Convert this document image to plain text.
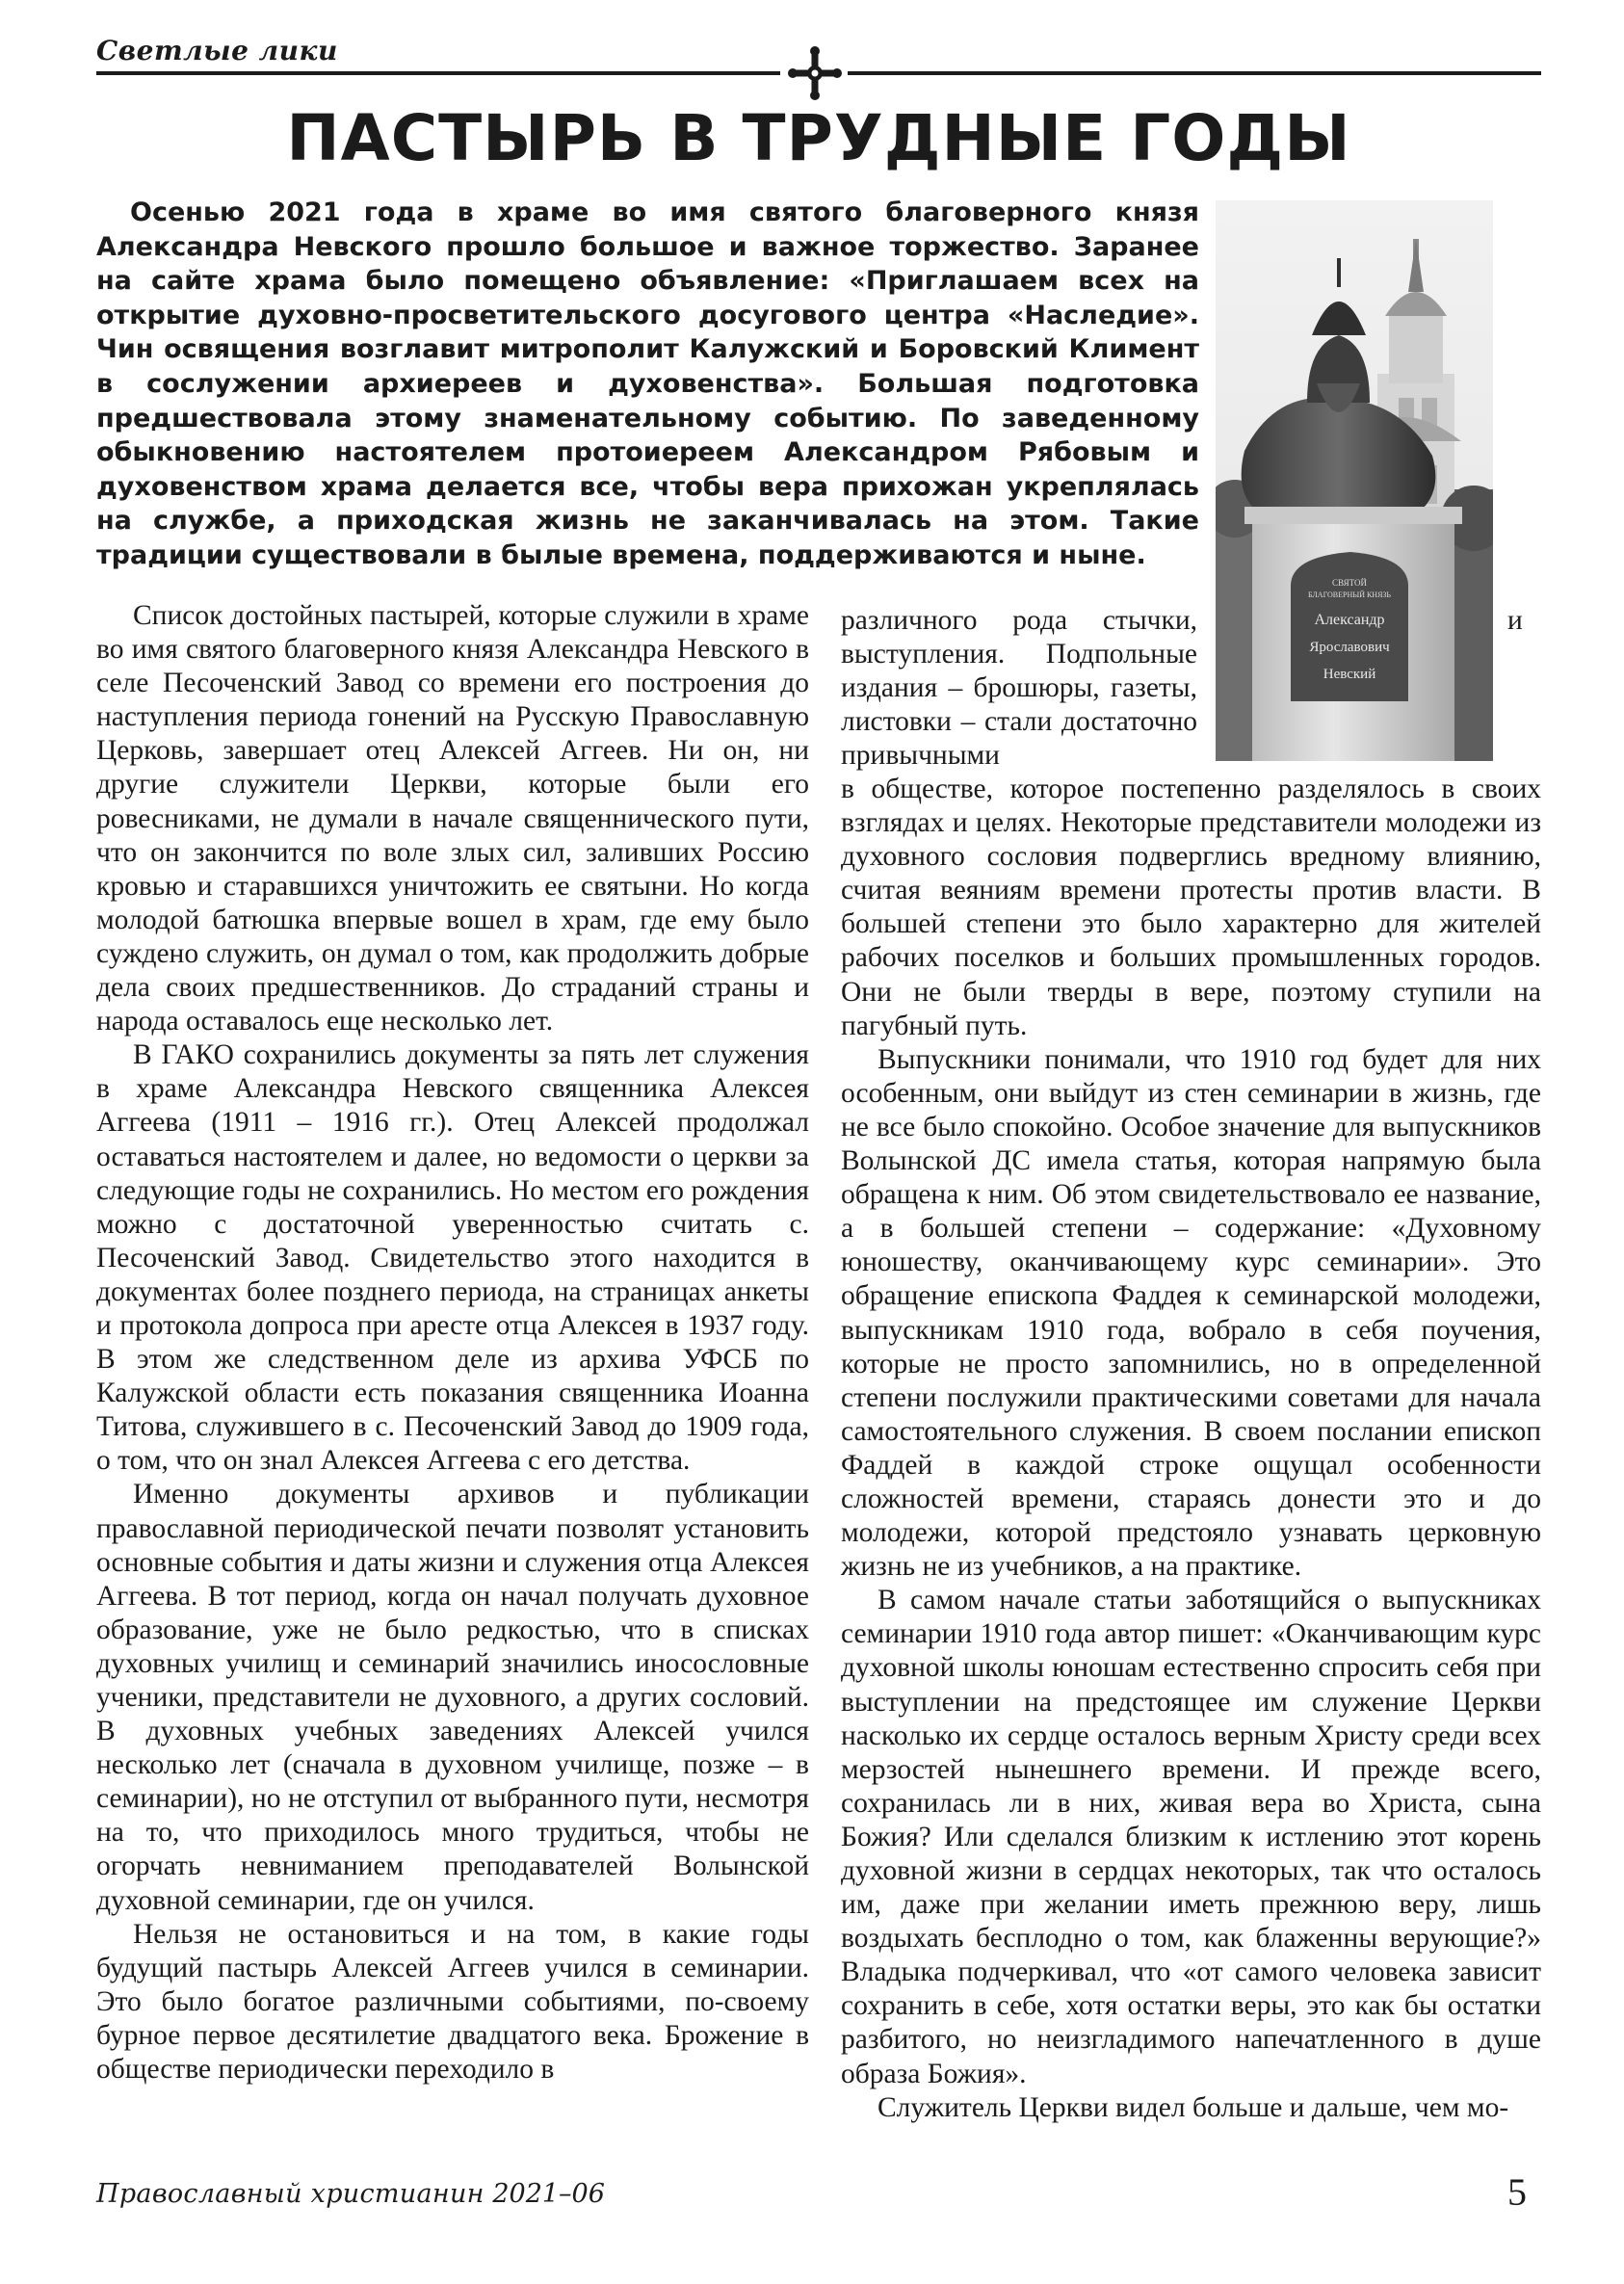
Светлые лики
ПАСТЫРЬ В ТРУДНЫЕ ГОДЫ

Осенью 2021 года в храме во имя святого благоверного князя Александра Невского прошло большое и важное торжество. Заранее на сайте храма было помещено объявление: «Приглашаем всех на открытие духовно-просветительского досугового центра «Наследие». Чин освящения возглавит митрополит Калужский и Боровский Климент в сослужении архиереев и духовенства». Большая подготовка предшествовала этому знаменательному событию. По заведенному обыкновению настоятелем протоиереем Александром Рябовым и духовенством храма делается все, чтобы вера прихожан укреплялась на службе, а приходская жизнь не заканчивалась на этом. Такие традиции существовали в былые времена, поддерживаются и ныне.

СВЯТОЙ
БЛАГОВЕРНЫЙ КНЯЗЬ
Александр
Ярославович
Невский

Список достойных пастырей, которые служили в храме во имя святого благоверного князя Александра Невского в селе Песоченский Завод со времени его построения до наступления периода гонений на Русскую Православную Церковь, завершает отец Алексей Аггеев. Ни он, ни другие служители Церкви, которые были его ровесниками, не думали в начале священнического пути, что он закончится по воле злых сил, заливших Россию кровью и старавшихся уничтожить ее святыни. Но когда молодой батюшка впервые вошел в храм, где ему было суждено служить, он думал о том, как продолжить добрые дела своих предшественников. До страданий страны и народа оставалось еще несколько лет.

В ГАКО сохранились документы за пять лет служения в храме Александра Невского священника Алексея Аггеева (1911 – 1916 гг.). Отец Алексей продолжал оставаться настоятелем и далее, но ведомости о церкви за следующие годы не сохранились. Но местом его рождения можно с достаточной уверенностью считать с. Песоченский Завод. Свидетельство этого находится в документах более позднего периода, на страницах анкеты и протокола допроса при аресте отца Алексея в 1937 году. В этом же следственном деле из архива УФСБ по Калужской области есть показания священника Иоанна Титова, служившего в с. Песоченский Завод до 1909 года, о том, что он знал Алексея Аггеева с его детства.

Именно документы архивов и публикации православной периодической печати позволят установить основные события и даты жизни и служения отца Алексея Аггеева. В тот период, когда он начал получать духовное образование, уже не было редкостью, что в списках духовных училищ и семинарий значились иносословные ученики, представители не духовного, а других сословий. В духовных учебных заведениях Алексей учился несколько лет (сначала в духовном училище, позже – в семинарии), но не отступил от выбранного пути, несмотря на то, что приходилось много трудиться, чтобы не огорчать невниманием преподавателей Волынской духовной семинарии, где он учился.

Нельзя не остановиться и на том, в какие годы будущий пастырь Алексей Аггеев учился в семинарии. Это было богатое различными событиями, по-своему бурное первое десятилетие двадцатого века. Брожение в обществе периодически переходило в

различного рода стычки, выступления. Подпольные издания – брошюры, газеты, листовки – стали достаточно привычными

и

в обществе, которое постепенно разделялось в своих взглядах и целях. Некоторые представители молодежи из духовного сословия подверглись вредному влиянию, считая веяниям времени протесты против власти. В большей степени это было характерно для жителей рабочих поселков и больших промышленных городов. Они не были тверды в вере, поэтому ступили на пагубный путь.

Выпускники понимали, что 1910 год будет для них особенным, они выйдут из стен семинарии в жизнь, где не все было спокойно. Особое значение для выпускников Волынской ДС имела статья, которая напрямую была обращена к ним. Об этом свидетельствовало ее название, а в большей степени – содержание: «Духовному юношеству, оканчивающему курс семинарии». Это обращение епископа Фаддея к семинарской молодежи, выпускникам 1910 года, вобрало в себя поучения, которые не просто запомнились, но в определенной степени послужили практическими советами для начала самостоятельного служения. В своем послании епископ Фаддей в каждой строке ощущал особенности сложностей времени, стараясь донести это и до молодежи, которой предстояло узнавать церковную жизнь не из учебников, а на практике.

В самом начале статьи заботящийся о выпускниках семинарии 1910 года автор пишет: «Оканчивающим курс духовной школы юношам естественно спросить себя при выступлении на предстоящее им служение Церкви насколько их сердце осталось верным Христу среди всех мерзостей нынешнего времени. И прежде всего, сохранилась ли в них, живая вера во Христа, сына Божия? Или сделался близким к истлению этот корень духовной жизни в сердцах некоторых, так что осталось им, даже при желании иметь прежнюю веру, лишь воздыхать бесплодно о том, как блаженны верующие?» Владыка подчеркивал, что «от самого человека зависит сохранить в себе, хотя остатки веры, это как бы остатки разбитого, но неизгладимого напечатленного в душе образа Божия».

Служитель Церкви видел больше и дальше, чем мо-

Православный христианин 2021–06	5
